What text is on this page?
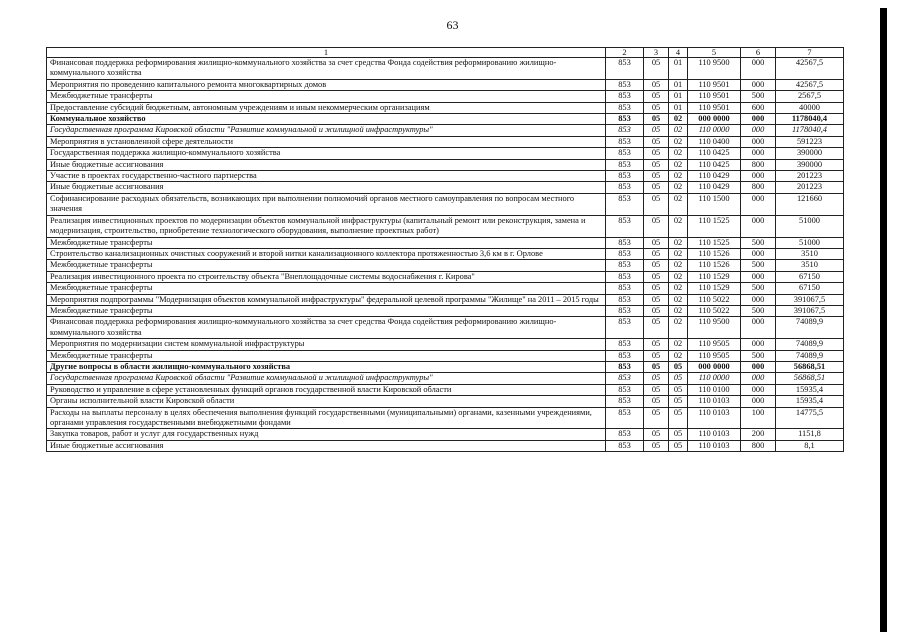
63
1	2	3	4	5	6	7
Финансовая поддержка реформирования жилищно-коммунального хозяйства за счет средства Фонда содействия реформированию жилищно-коммунального хозяйства	853	05	01	110 9500	000	42567,5
Мероприятия по проведению капитального ремонта многоквартирных домов	853	05	01	110 9501	000	42567,5
Межбюджетные трансферты	853	05	01	110 9501	500	2567,5
Предоставление субсидий бюджетным, автономным учреждениям и иным некоммерческим организациям	853	05	01	110 9501	600	40000
Коммунальное хозяйство	853	05	02	000 0000	000	1178040,4
Государственная программа Кировской области "Развитие коммунальной и жилищной инфраструктуры"	853	05	02	110 0000	000	1178040,4
Мероприятия в установленной сфере деятельности	853	05	02	110 0400	000	591223
Государственная поддержка жилищно-коммунального хозяйства	853	05	02	110 0425	000	390000
Иные бюджетные ассигнования	853	05	02	110 0425	800	390000
Участие в проектах государственно-частного партнерства	853	05	02	110 0429	000	201223
Иные бюджетные ассигнования	853	05	02	110 0429	800	201223
Софинансирование расходных обязательств, возникающих при выполнении полномочий органов местного самоуправления по вопросам местного значения	853	05	02	110 1500	000	121660
Реализация инвестиционных проектов по модернизации объектов коммунальной инфраструктуры (капитальный ремонт или реконструкция, замена и модернизация, строительство, приобретение технологического оборудования, выполнение проектных работ)	853	05	02	110 1525	000	51000
Межбюджетные трансферты	853	05	02	110 1525	500	51000
Строительство канализационных очистных сооружений и второй нитки канализационного коллектора протяженностью 3,6 км в г. Орлове	853	05	02	110 1526	000	3510
Межбюджетные трансферты	853	05	02	110 1526	500	3510
Реализация инвестиционного проекта по строительству объекта "Внеплощадочные системы водоснабжения г. Кирова"	853	05	02	110 1529	000	67150
Межбюджетные трансферты	853	05	02	110 1529	500	67150
Мероприятия подпрограммы "Модернизация объектов коммунальной инфраструктуры" федеральной целевой программы "Жилище" на 2011 – 2015 годы	853	05	02	110 5022	000	391067,5
Межбюджетные трансферты	853	05	02	110 5022	500	391067,5
Финансовая поддержка реформирования жилищно-коммунального хозяйства за счет средства Фонда содействия реформированию жилищно-коммунального хозяйства	853	05	02	110 9500	000	74089,9
Мероприятия по модернизации систем коммунальной инфраструктуры	853	05	02	110 9505	000	74089,9
Межбюджетные трансферты	853	05	02	110 9505	500	74089,9
Другие вопросы в области жилищно-коммунального хозяйства	853	05	05	000 0000	000	56868,51
Государственная программа Кировской области "Развитие коммунальной и жилищной инфраструктуры"	853	05	05	110 0000	000	56868,51
Руководство и управление в сфере установленных функций органов государственной власти Кировской области	853	05	05	110 0100	000	15935,4
Органы исполнительной власти Кировской области	853	05	05	110 0103	000	15935,4
Расходы на выплаты персоналу в целях обеспечения выполнения функций государственными (муниципальными) органами, казенными учреждениями, органами управления государственными внебюджетными фондами	853	05	05	110 0103	100	14775,5
Закупка товаров, работ и услуг для государственных нужд	853	05	05	110 0103	200	1151,8
Иные бюджетные ассигнования	853	05	05	110 0103	800	8,1
